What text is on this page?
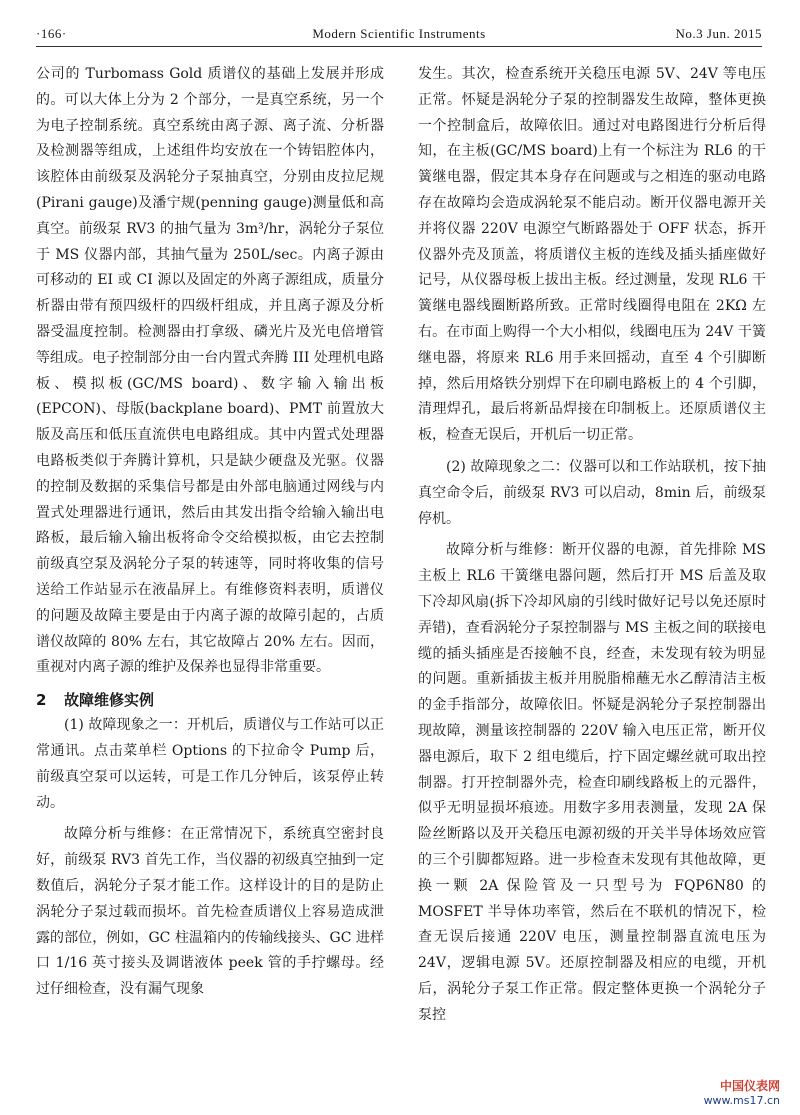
·166·	Modern Scientific Instruments	No.3 Jun. 2015

公司的 Turbomass Gold 质谱仪的基础上发展并形成的。可以大体上分为 2 个部分，一是真空系统，另一个为电子控制系统。真空系统由离子源、离子流、分析器及检测器等组成，上述组件均安放在一个铸铝腔体内，该腔体由前级泵及涡轮分子泵抽真空，分别由皮拉尼规(Pirani gauge)及潘宁规(penning gauge)测量低和高真空。前级泵 RV3 的抽气量为 3m³/hr，涡轮分子泵位于 MS 仪器内部，其抽气量为 250L/sec。内离子源由可移动的 EI 或 CI 源以及固定的外离子源组成，质量分析器由带有预四级杆的四级杆组成，并且离子源及分析器受温度控制。检测器由打拿级、磷光片及光电倍增管等组成。电子控制部分由一台内置式奔腾 III 处理机电路板、模拟板(GC/MS board)、数字输入输出板(EPCON)、母版(backplane board)、PMT 前置放大版及高压和低压直流供电电路组成。其中内置式处理器电路板类似于奔腾计算机，只是缺少硬盘及光驱。仪器的控制及数据的采集信号都是由外部电脑通过网线与内置式处理器进行通讯，然后由其发出指令给输入输出电路板，最后输入输出板将命令交给模拟板，由它去控制前级真空泵及涡轮分子泵的转速等，同时将收集的信号送给工作站显示在液晶屏上。有维修资料表明，质谱仪的问题及故障主要是由于内离子源的故障引起的，占质谱仪故障的 80% 左右，其它故障占 20% 左右。因而，重视对内离子源的维护及保养也显得非常重要。

2 故障维修实例

(1) 故障现象之一：开机后，质谱仪与工作站可以正常通讯。点击菜单栏 Options 的下拉命令 Pump 后，前级真空泵可以运转，可是工作几分钟后，该泵停止转动。

故障分析与维修：在正常情况下，系统真空密封良好，前级泵 RV3 首先工作，当仪器的初级真空抽到一定数值后，涡轮分子泵才能工作。这样设计的目的是防止涡轮分子泵过载而损坏。首先检查质谱仪上容易造成泄露的部位，例如，GC 柱温箱内的传输线接头、GC 进样口 1/16 英寸接头及调谐液体 peek 管的手拧螺母。经过仔细检查，没有漏气现象

发生。其次，检查系统开关稳压电源 5V、24V 等电压正常。怀疑是涡轮分子泵的控制器发生故障，整体更换一个控制盒后，故障依旧。通过对电路图进行分析后得知，在主板(GC/MS board)上有一个标注为 RL6 的干簧继电器，假定其本身存在问题或与之相连的驱动电路存在故障均会造成涡轮泵不能启动。断开仪器电源开关并将仪器 220V 电源空气断路器处于 OFF 状态，拆开仪器外壳及顶盖，将质谱仪主板的连线及插头插座做好记号，从仪器母板上拔出主板。经过测量，发现 RL6 干簧继电器线圈断路所致。正常时线圈得电阻在 2KΩ 左右。在市面上购得一个大小相似，线圈电压为 24V 干簧继电器，将原来 RL6 用手来回摇动，直至 4 个引脚断掉，然后用烙铁分别焊下在印刷电路板上的 4 个引脚，清理焊孔，最后将新品焊接在印制板上。还原质谱仪主板，检查无误后，开机后一切正常。

(2) 故障现象之二：仪器可以和工作站联机，按下抽真空命令后，前级泵 RV3 可以启动，8min 后，前级泵停机。

故障分析与维修：断开仪器的电源，首先排除 MS 主板上 RL6 干簧继电器问题，然后打开 MS 后盖及取下冷却风扇(拆下冷却风扇的引线时做好记号以免还原时弄错)，查看涡轮分子泵控制器与 MS 主板之间的联接电缆的插头插座是否接触不良，经查，未发现有较为明显的问题。重新插拔主板并用脱脂棉蘸无水乙醇清洁主板的金手指部分，故障依旧。怀疑是涡轮分子泵控制器出现故障，测量该控制器的 220V 输入电压正常，断开仪器电源后，取下 2 组电缆后，拧下固定螺丝就可取出控制器。打开控制器外壳，检查印刷线路板上的元器件，似乎无明显损坏痕迹。用数字多用表测量，发现 2A 保险丝断路以及开关稳压电源初级的开关半导体场效应管的三个引脚都短路。进一步检查未发现有其他故障，更换一颗 2A 保险管及一只型号为 FQP6N80 的 MOSFET 半导体功率管，然后在不联机的情况下，检查无误后接通 220V 电压，测量控制器直流电压为 24V，逻辑电源 5V。还原控制器及相应的电缆，开机后，涡轮分子泵工作正常。假定整体更换一个涡轮分子泵控

中国仪表网
www.ms17.cn
